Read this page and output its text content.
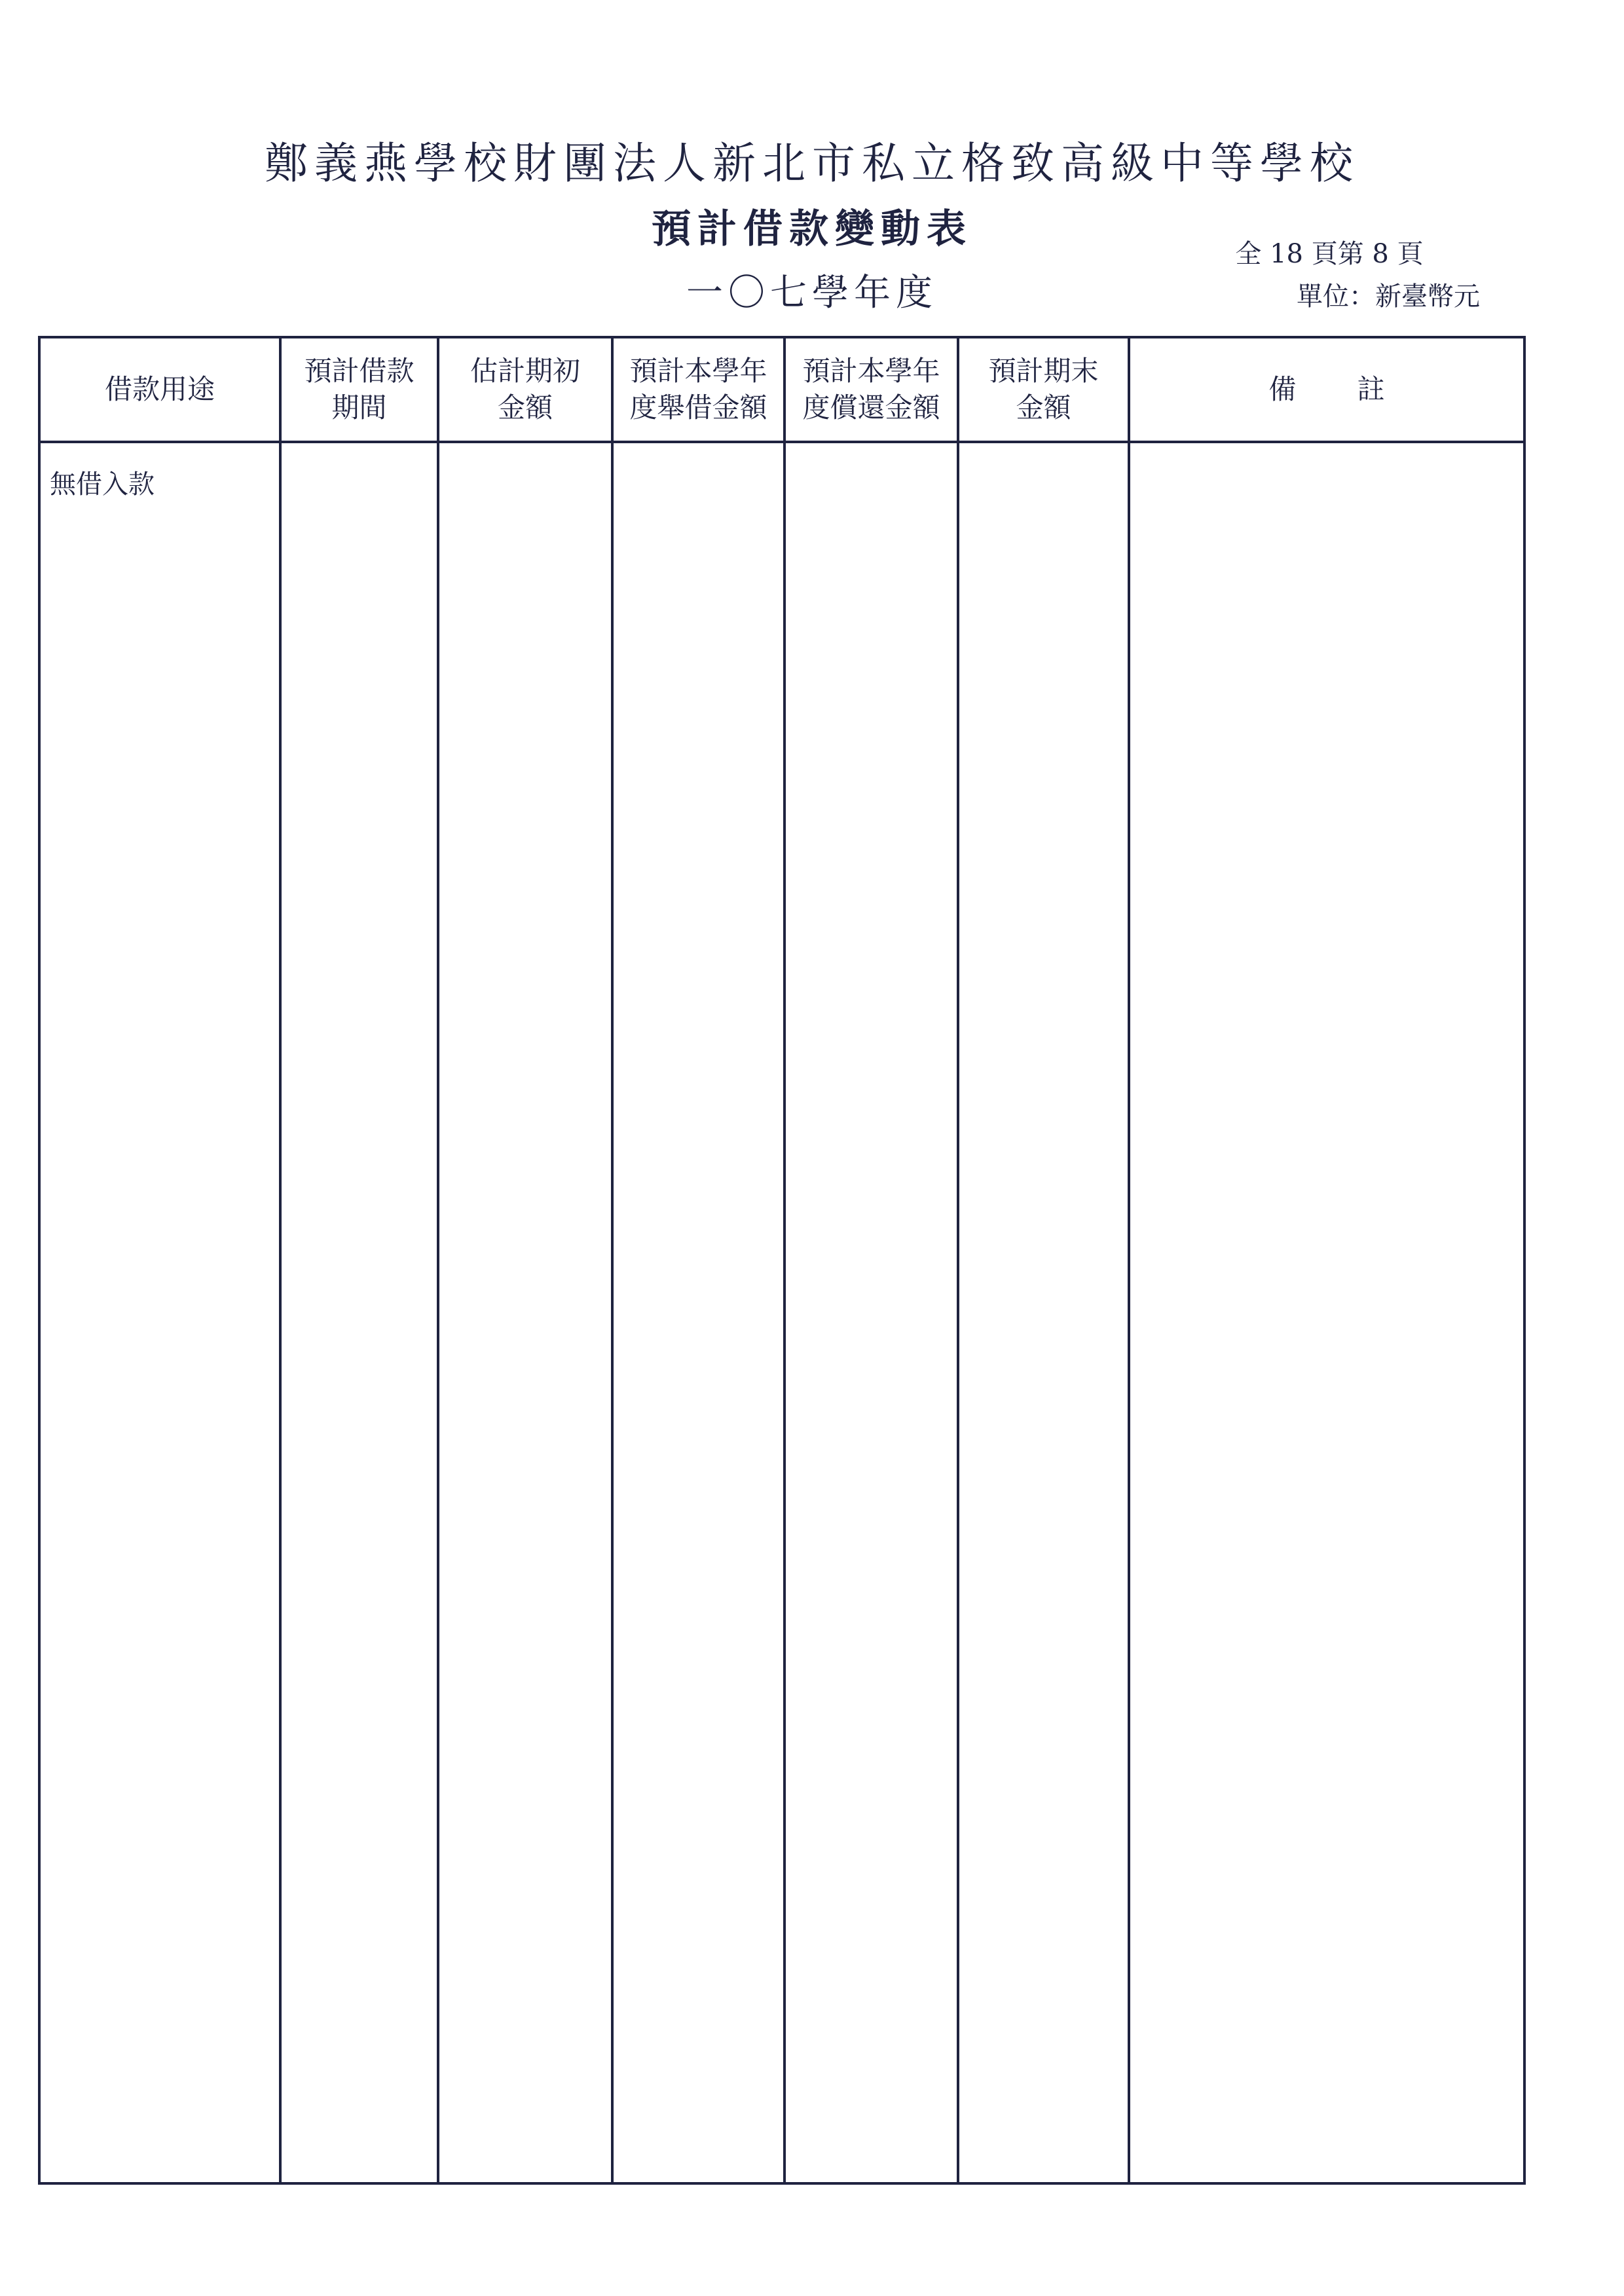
鄭義燕學校財團法人新北市私立格致高級中等學校
預計借款變動表
一〇七學年度
全 18 頁第 8 頁
單位：新臺幣元
借款用途
預計借款
期間
估計期初
金額
預計本學年
度舉借金額
預計本學年
度償還金額
預計期末
金額
備 註
無借入款
